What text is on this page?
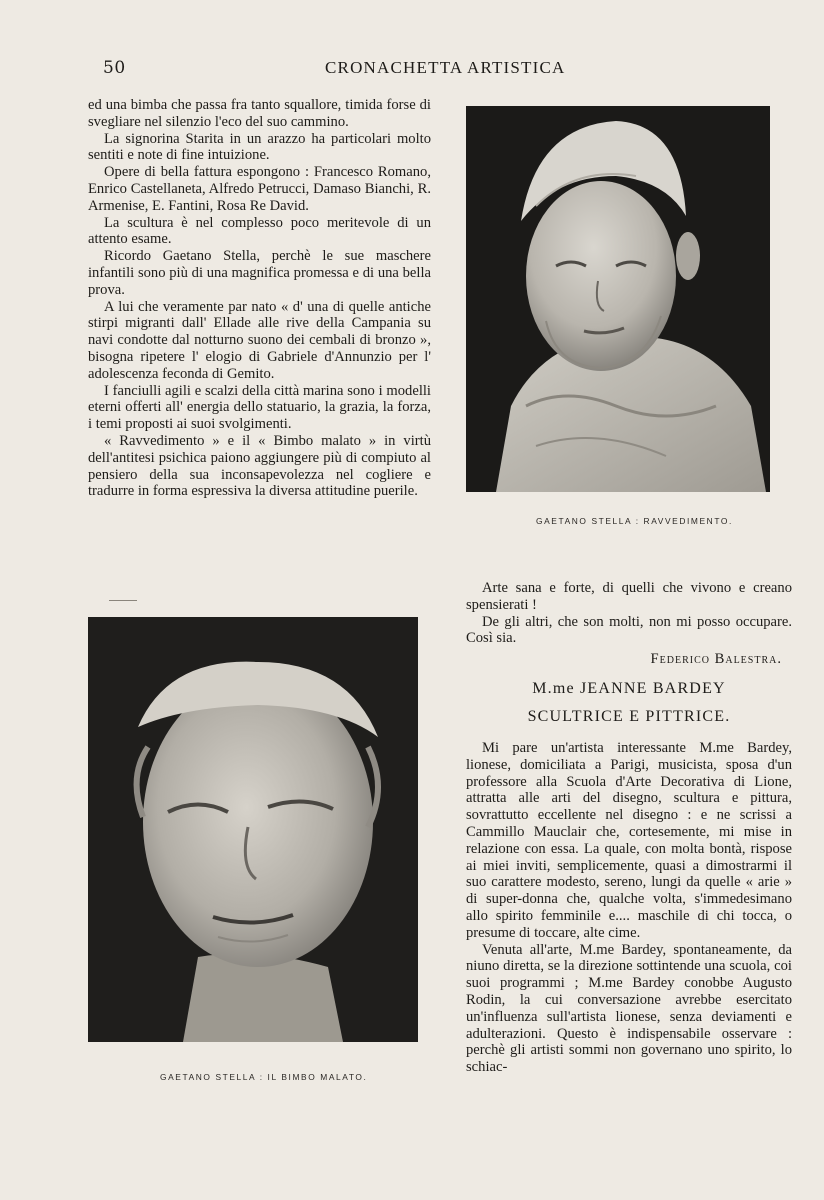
50	CRONACHETTA ARTISTICA

ed una bimba che passa fra tanto squallore, timida forse di svegliare nel silenzio l'eco del suo cammino.

La signorina Starita in un arazzo ha particolari molto sentiti e note di fine intuizione.

Opere di bella fattura espongono : Francesco Romano, Enrico Castellaneta, Alfredo Petrucci, Damaso Bianchi, R. Armenise, E. Fantini, Rosa Re David.

La scultura è nel complesso poco meritevole di un attento esame.

Ricordo Gaetano Stella, perchè le sue maschere infantili sono più di una magnifica promessa e di una bella prova.

A lui che veramente par nato « d' una di quelle antiche stirpi migranti dall' Ellade alle rive della Campania su navi condotte dal notturno suono dei cembali di bronzo », bisogna ripetere l' elogio di Gabriele d'Annunzio per l' adolescenza feconda di Gemito.

I fanciulli agili e scalzi della città marina sono i modelli eterni offerti all' energia dello statuario, la grazia, la forza, i temi proposti ai suoi svolgimenti.

« Ravvedimento » e il « Bimbo malato » in virtù dell'antitesi psichica paiono aggiungere più di compiuto al pensiero della sua inconsapevolezza nel cogliere e tradurre in forma espressiva la diversa attitudine puerile.

GAETANO STELLA : RAVVEDIMENTO.
GAETANO STELLA : IL BIMBO MALATO.

Arte sana e forte, di quelli che vivono e creano spensierati !

De gli altri, che son molti, non mi posso occupare. Così sia.

Federico Balestra.

M.me JEANNE BARDEY
SCULTRICE E PITTRICE.

Mi pare un'artista interessante M.me Bardey, lionese, domiciliata a Parigi, musicista, sposa d'un professore alla Scuola d'Arte Decorativa di Lione, attratta alle arti del disegno, scultura e pittura, sovrattutto eccellente nel disegno : e ne scrissi a Cammillo Mauclair che, cortesemente, mi mise in relazione con essa. La quale, con molta bontà, rispose ai miei inviti, semplicemente, quasi a dimostrarmi il suo carattere modesto, sereno, lungi da quelle « arie » di super-donna che, qualche volta, s'immedesimano allo spirito femminile e.... maschile di chi tocca, o presume di toccare, alte cime.

Venuta all'arte, M.me Bardey, spontaneamente, da niuno diretta, se la direzione sottintende una scuola, coi suoi programmi ; M.me Bardey conobbe Augusto Rodin, la cui conversazione avrebbe esercitato un'influenza sull'artista lionese, senza deviamenti e adulterazioni. Questo è indispensabile osservare : perchè gli artisti sommi non governano uno spirito, lo schiac-
